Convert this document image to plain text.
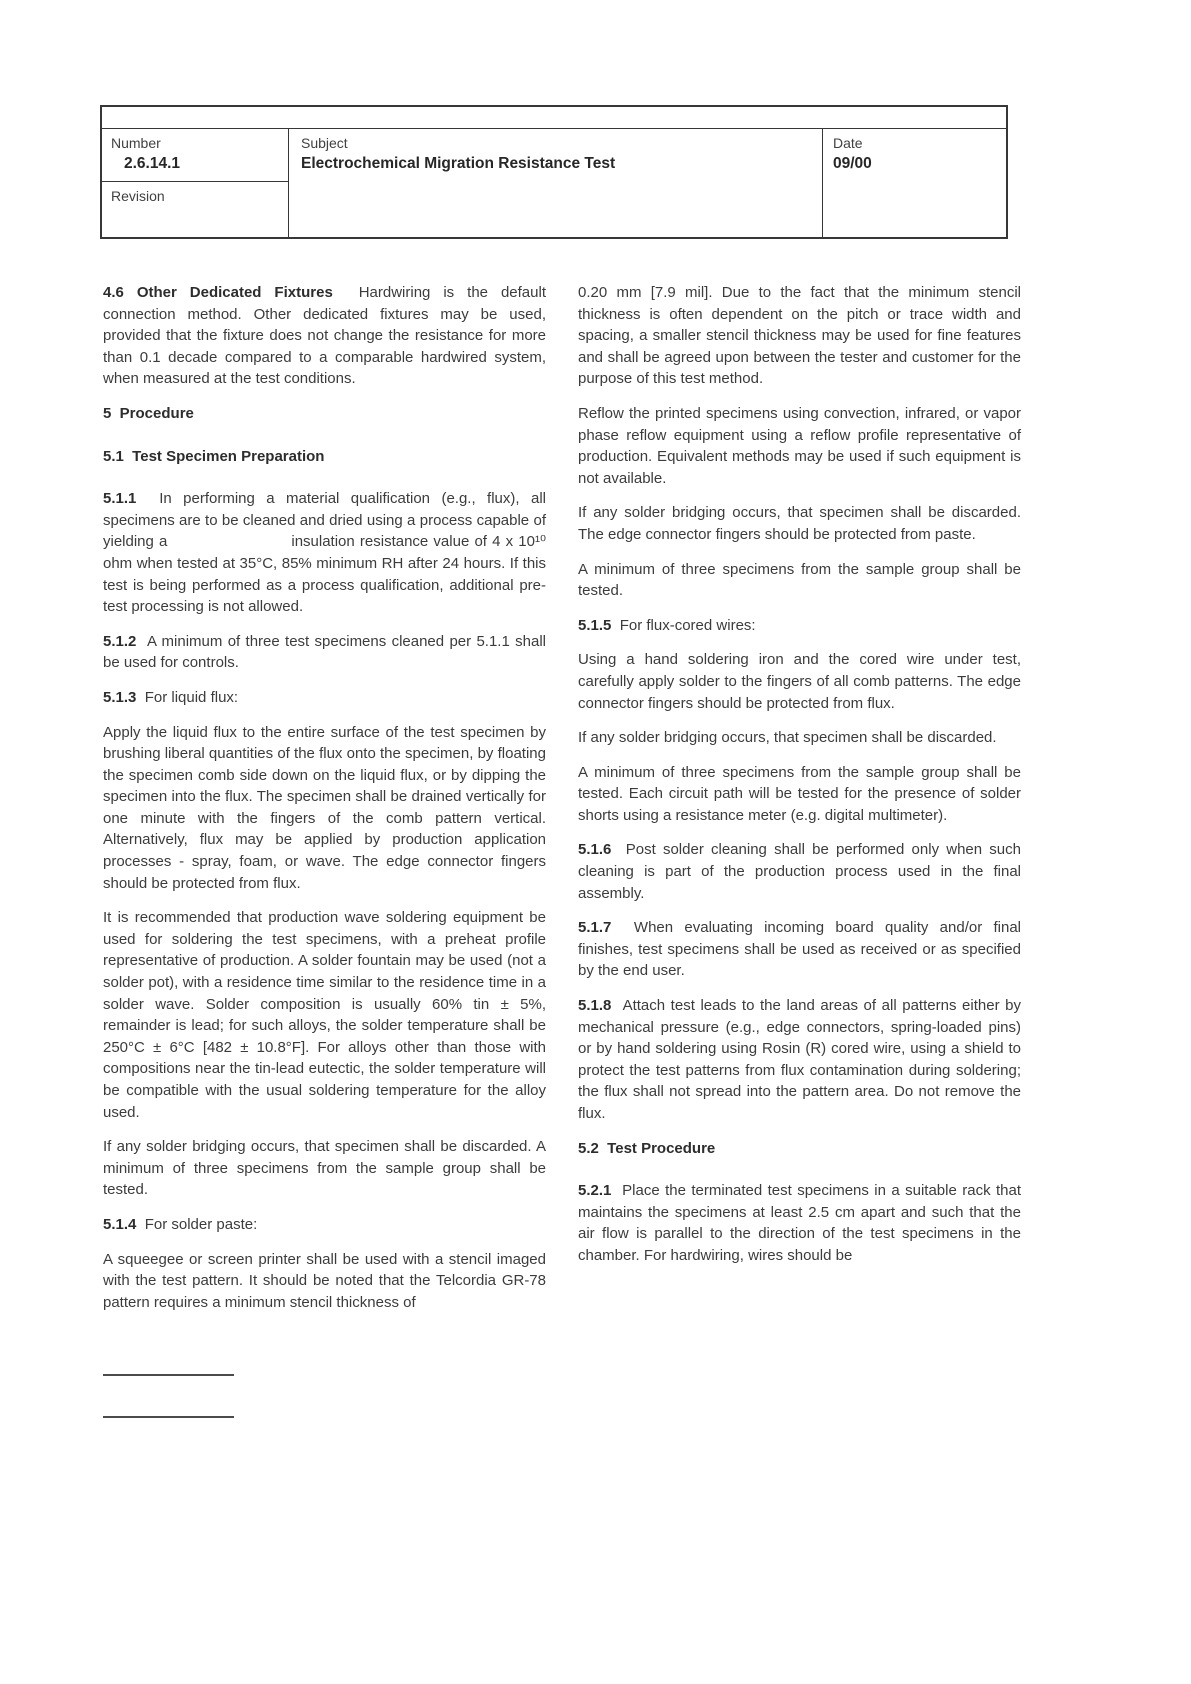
Number
2.6.14.1
Revision
Subject
Electrochemical Migration Resistance Test
Date
09/00

4.6 Other Dedicated Fixtures  Hardwiring is the default connection method. Other dedicated fixtures may be used, provided that the fixture does not change the resistance for more than 0.1 decade compared to a comparable hardwired system, when measured at the test conditions.

5  Procedure

5.1  Test Specimen Preparation

5.1.1  In performing a material qualification (e.g., flux), all specimens are to be cleaned and dried using a process capable of yielding a                        insulation resistance value of 4 x 10¹⁰ ohm when tested at 35°C, 85% minimum RH after 24 hours. If this test is being performed as a process qualification, additional pre-test processing is not allowed.

5.1.2  A minimum of three test specimens cleaned per 5.1.1 shall be used for controls.

5.1.3  For liquid flux:

Apply the liquid flux to the entire surface of the test specimen by brushing liberal quantities of the flux onto the specimen, by floating the specimen comb side down on the liquid flux, or by dipping the specimen into the flux. The specimen shall be drained vertically for one minute with the fingers of the comb pattern vertical. Alternatively, flux may be applied by production application processes - spray, foam, or wave. The edge connector fingers should be protected from flux.

It is recommended that production wave soldering equipment be used for soldering the test specimens, with a preheat profile representative of production. A solder fountain may be used (not a solder pot), with a residence time similar to the residence time in a solder wave. Solder composition is usually 60% tin ± 5%, remainder is lead; for such alloys, the solder temperature shall be 250°C ± 6°C [482 ± 10.8°F]. For alloys other than those with compositions near the tin-lead eutectic, the solder temperature will be compatible with the usual soldering temperature for the alloy used.

If any solder bridging occurs, that specimen shall be discarded. A minimum of three specimens from the sample group shall be tested.

5.1.4  For solder paste:

A squeegee or screen printer shall be used with a stencil imaged with the test pattern. It should be noted that the Telcordia GR-78 pattern requires a minimum stencil thickness of

0.20 mm [7.9 mil]. Due to the fact that the minimum stencil thickness is often dependent on the pitch or trace width and spacing, a smaller stencil thickness may be used for fine features and shall be agreed upon between the tester and customer for the purpose of this test method.

Reflow the printed specimens using convection, infrared, or vapor phase reflow equipment using a reflow profile representative of production. Equivalent methods may be used if such equipment is not available.

If any solder bridging occurs, that specimen shall be discarded. The edge connector fingers should be protected from paste.

A minimum of three specimens from the sample group shall be tested.

5.1.5  For flux-cored wires:

Using a hand soldering iron and the cored wire under test, carefully apply solder to the fingers of all comb patterns. The edge connector fingers should be protected from flux.

If any solder bridging occurs, that specimen shall be discarded.

A minimum of three specimens from the sample group shall be tested. Each circuit path will be tested for the presence of solder shorts using a resistance meter (e.g. digital multimeter).

5.1.6  Post solder cleaning shall be performed only when such cleaning is part of the production process used in the final assembly.

5.1.7  When evaluating incoming board quality and/or final finishes, test specimens shall be used as received or as specified by the end user.

5.1.8  Attach test leads to the land areas of all patterns either by mechanical pressure (e.g., edge connectors, spring-loaded pins) or by hand soldering using Rosin (R) cored wire, using a shield to protect the test patterns from flux contamination during soldering; the flux shall not spread into the pattern area. Do not remove the flux.

5.2  Test Procedure

5.2.1  Place the terminated test specimens in a suitable rack that maintains the specimens at least 2.5 cm apart and such that the air flow is parallel to the direction of the test specimens in the chamber. For hardwiring, wires should be
